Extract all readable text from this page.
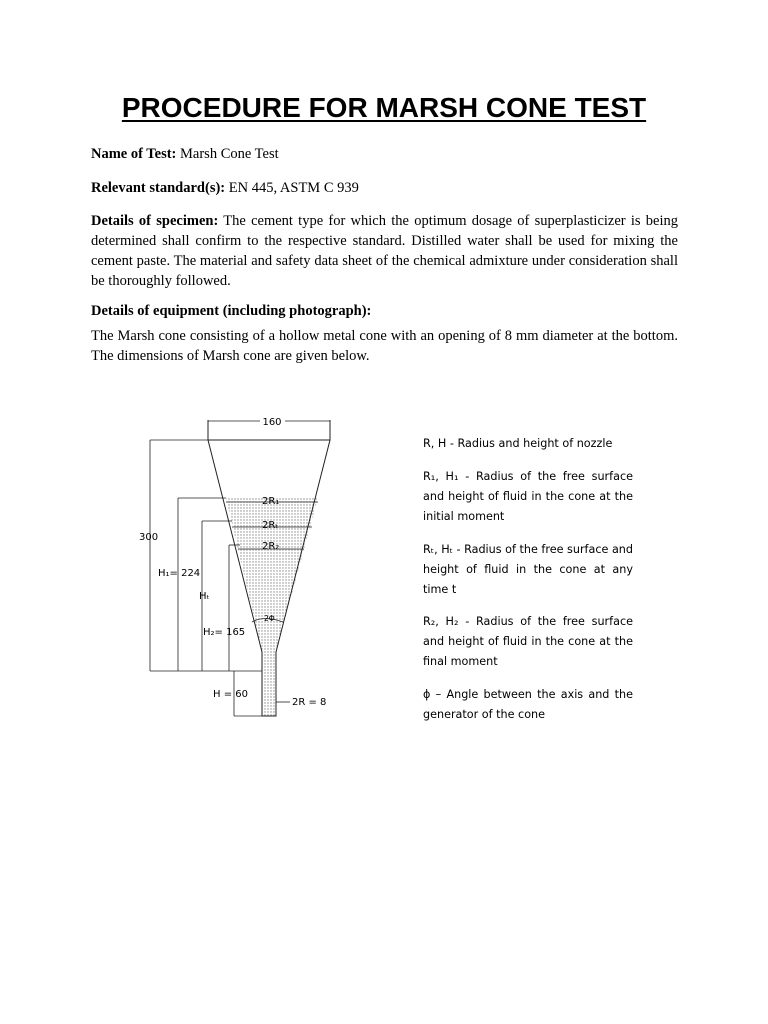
PROCEDURE FOR MARSH CONE TEST
Name of Test: Marsh Cone Test
Relevant standard(s): EN 445, ASTM C 939
Details of specimen: The cement type for which the optimum dosage of superplasticizer is being determined shall confirm to the respective standard. Distilled water shall be used for mixing the cement paste. The material and safety data sheet of the chemical admixture under consideration shall be thoroughly followed.
Details of equipment (including photograph):
The Marsh cone consisting of a hollow metal cone with an opening of 8 mm diameter at the bottom. The dimensions of Marsh cone are given below.
160
300
H₁= 224
Hₜ
H₂= 165
2R₁
2Rₜ
2R₂
2Φ
H = 60
2R = 8
R, H - Radius and height of nozzle
R₁, H₁ - Radius of the free surface and height of fluid in the cone at the initial moment
Rₜ, Hₜ - Radius of the free surface and height of fluid in the cone at any time t
R₂, H₂ - Radius of the free surface and height of fluid in the cone at the final moment
ϕ – Angle between the axis and the generator of the cone
